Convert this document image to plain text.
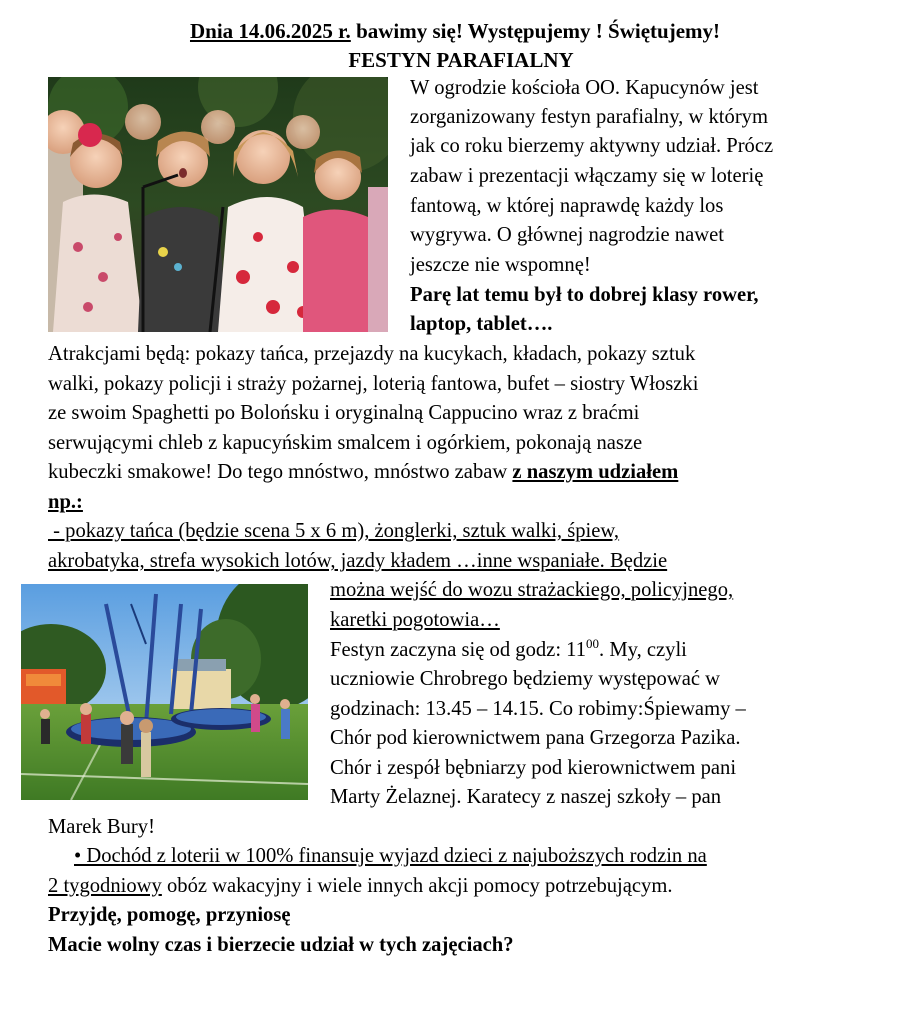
Dnia 14.06.2025 r. bawimy się! Występujemy ! Świętujemy!
FESTYN PARAFIALNY
W ogrodzie kościoła OO. Kapucynów jest
zorganizowany festyn parafialny, w którym
jak co roku bierzemy aktywny udział. Prócz
zabaw i prezentacji włączamy się w loterię
fantową, w której naprawdę każdy los
wygrywa. O głównej nagrodzie nawet
jeszcze nie wspomnę!
Parę lat temu był to dobrej klasy rower,
laptop, tablet….
Atrakcjami będą: pokazy tańca, przejazdy na kucykach, kładach, pokazy sztuk
walki, pokazy policji i straży pożarnej, loterią fantowa, bufet – siostry Włoszki
ze swoim Spaghetti po Bolońsku i oryginalną Cappucino wraz z braćmi
serwującymi chleb z kapucyńskim smalcem i ogórkiem, pokonają nasze
kubeczki smakowe! Do tego mnóstwo, mnóstwo zabaw z naszym udziałem
np.:
- pokazy tańca (będzie scena 5 x 6 m), żonglerki, sztuk walki, śpiew,
akrobatyka, strefa wysokich lotów, jazdy kładem …inne wspaniałe. Będzie
można wejść do wozu strażackiego, policyjnego,
karetki pogotowia…
Festyn zaczyna się od godz: $11^{00}$. My, czyli
uczniowie Chrobrego będziemy występować w
godzinach: 13.45 – 14.15. Co robimy:Śpiewamy –
Chór pod kierownictwem pana Grzegorza Pazika.
Chór i zespół bębniarzy pod kierownictwem pani
Marty Żelaznej. Karatecy z naszej szkoły – pan
Marek Bury!
• Dochód z loterii w 100% finansuje wyjazd dzieci z najuboższych rodzin na
2 tygodniowy obóz wakacyjny i wiele innych akcji pomocy potrzebującym.
Przyjdę, pomogę, przyniosę
Macie wolny czas i bierzecie udział w tych zajęciach?
